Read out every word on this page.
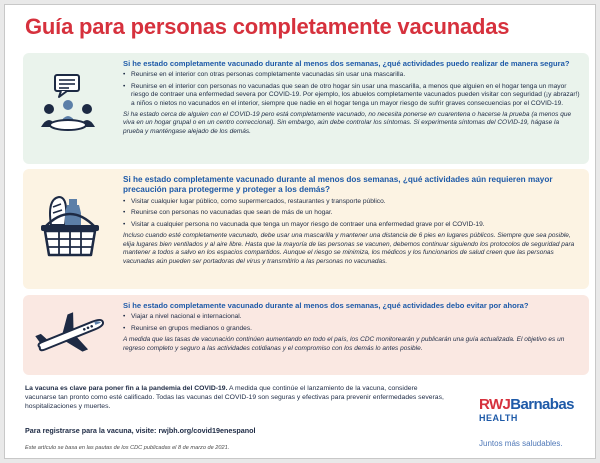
Guía para personas completamente vacunadas
Si he estado completamente vacunado durante al menos dos semanas, ¿qué actividades puedo realizar de manera segura?
• Reunirse en el interior con otras personas completamente vacunadas sin usar una mascarilla.
• Reunirse en el interior con personas no vacunadas que sean de otro hogar sin usar una mascarilla, a menos que alguien en el hogar tenga un mayor riesgo de contraer una enfermedad severa por COVID-19. Por ejemplo, los abuelos completamente vacunados pueden visitar con seguridad (¡y abrazar!) a niños o nietos no vacunados en el interior, siempre que nadie en el hogar tenga un mayor riesgo de sufrir graves consecuencias por el COVID-19.
Si ha estado cerca de alguien con el COVID-19 pero está completamente vacunado, no necesita ponerse en cuarentena o hacerse la prueba (a menos que viva en un hogar grupal o en un centro correccional). Sin embargo, aún debe controlar los síntomas. Si experimenta síntomas del COVID-19, hágase la prueba y manténgase alejado de los demás.
Si he estado completamente vacunado durante al menos dos semanas, ¿qué actividades aún requieren mayor precaución para protegerme y proteger a los demás?
• Visitar cualquier lugar público, como supermercados, restaurantes y transporte público.
• Reunirse con personas no vacunadas que sean de más de un hogar.
• Visitar a cualquier persona no vacunada que tenga un mayor riesgo de contraer una enfermedad grave por el COVID-19.
Incluso cuando esté completamente vacunado, debe usar una mascarilla y mantener una distancia de 6 pies en lugares públicos. Siempre que sea posible, elija lugares bien ventilados y al aire libre. Hasta que la mayoría de las personas se vacunen, debemos continuar siguiendo los protocolos de seguridad para mantener a todos a salvo en los espacios compartidos. Aunque el riesgo se minimiza, los médicos y los funcionarios de salud creen que las personas vacunadas aún pueden ser portadoras del virus y transmitirlo a las personas no vacunadas.
Si he estado completamente vacunado durante al menos dos semanas, ¿qué actividades debo evitar por ahora?
• Viajar a nivel nacional e internacional.
• Reunirse en grupos medianos o grandes.
A medida que las tasas de vacunación continúen aumentando en todo el país, los CDC monitorearán y publicarán una guía actualizada. El objetivo es un regreso completo y seguro a las actividades cotidianas y el compromiso con los demás lo antes posible.
La vacuna es clave para poner fin a la pandemia del COVID-19. A medida que continúe el lanzamiento de la vacuna, considere vacunarse tan pronto como esté calificado. Todas las vacunas del COVID-19 son seguras y efectivas para prevenir enfermedades severas, hospitalizaciones y muertes.
Para registrarse para la vacuna, visite: rwjbh.org/covid19enespanol
Este artículo se basa en las pautas de los CDC publicadas el 8 de marzo de 2021.
RWJBarnabas
HEALTH
Juntos más saludables.
